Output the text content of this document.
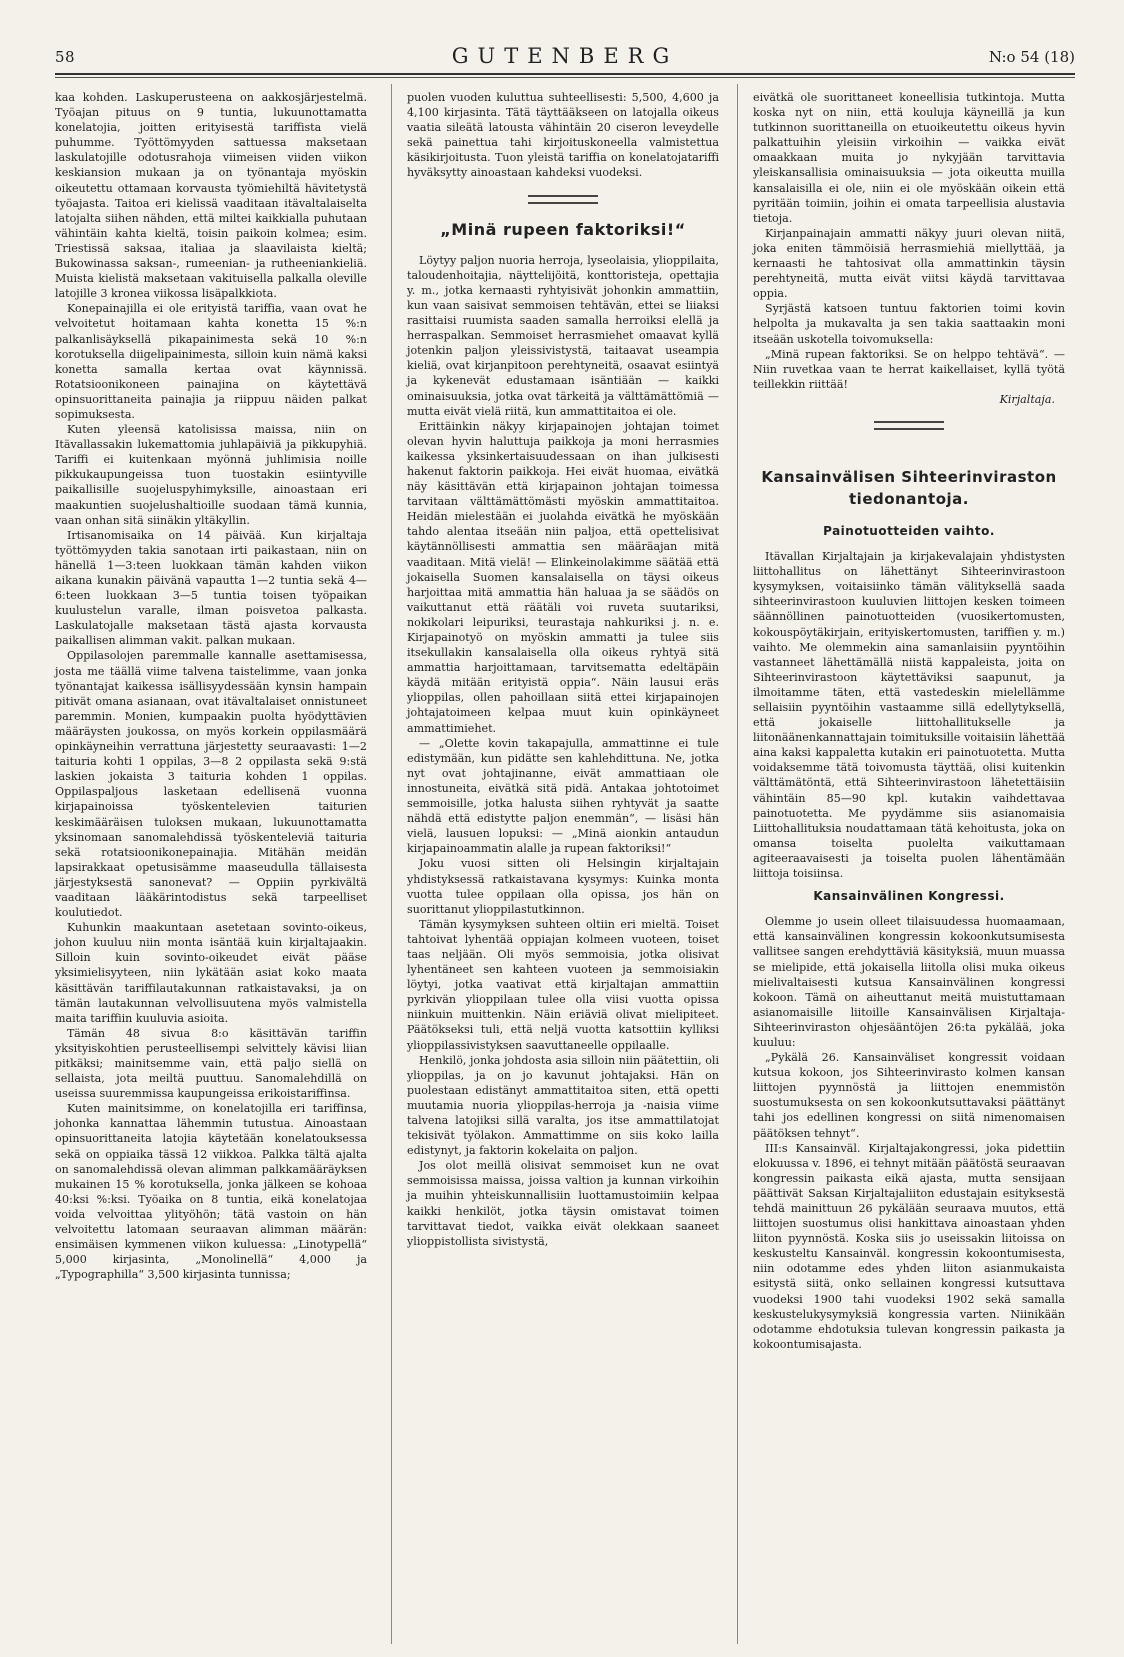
58	GUTENBERG	N:o 54 (18)

kaa kohden. Laskuperusteena on aakkosjärjestelmä. Työajan pituus on 9 tuntia, lukuunottamatta konelatojia, joitten erityisestä tariffista vielä puhumme. Työttömyyden sattuessa maksetaan laskulatojille odotusrahoja viimeisen viiden viikon keskiansion mukaan ja on työnantaja myöskin oikeutettu ottamaan korvausta työmiehiltä hävitetystä työajasta. Taitoa eri kielissä vaaditaan itävaltalaiselta latojalta siihen nähden, että miltei kaikkialla puhutaan vähintäin kahta kieltä, toisin paikoin kolmea; esim. Triestissä saksaa, italiaa ja slaavilaista kieltä; Bukowinassa saksan-, rumeenian- ja rutheeniankieliä. Muista kielistä maksetaan vakituisella palkalla oleville latojille 3 kronea viikossa lisäpalkkiota.

Konepainajilla ei ole erityistä tariffia, vaan ovat he velvoitetut hoitamaan kahta konetta 15 %:n palkanlisäyksellä pikapainimesta sekä 10 %:n korotuksella diigelipainimesta, silloin kuin nämä kaksi konetta samalla kertaa ovat käynnissä. Rotatsioonikoneen painajina on käytettävä opinsuorittaneita painajia ja riippuu näiden palkat sopimuksesta.

Kuten yleensä katolisissa maissa, niin on Itävallassakin lukemattomia juhlapäiviä ja pikkupyhiä. Tariffi ei kuitenkaan myönnä juhlimisia noille pikkukaupungeissa tuon tuostakin esiintyville paikallisille suojeluspyhimyksille, ainoastaan eri maakuntien suojelushaltioille suodaan tämä kunnia, vaan onhan sitä siinäkin yltäkyllin.

Irtisanomisaika on 14 päivää. Kun kirjaltaja työttömyyden takia sanotaan irti paikastaan, niin on hänellä 1—3:teen luokkaan tämän kahden viikon aikana kunakin päivänä vapautta 1—2 tuntia sekä 4—6:teen luokkaan 3—5 tuntia toisen työpaikan kuulustelun varalle, ilman poisvetoa palkasta. Laskulatojalle maksetaan tästä ajasta korvausta paikallisen alimman vakit. palkan mukaan.

Oppilasolojen paremmalle kannalle asettamisessa, josta me täällä viime talvena taistelimme, vaan jonka työnantajat kaikessa isällisyydessään kynsin hampain pitivät omana asianaan, ovat itävaltalaiset onnistuneet paremmin. Monien, kumpaakin puolta hyödyttävien määräysten joukossa, on myös korkein oppilasmäärä opinkäyneihin verrattuna järjestetty seuraavasti: 1—2 taituria kohti 1 oppilas, 3—8 2 oppilasta sekä 9:stä laskien jokaista 3 taituria kohden 1 oppilas. Oppilaspaljous lasketaan edellisenä vuonna kirjapainoissa työskentelevien taiturien keskimääräisen tuloksen mukaan, lukuunottamatta yksinomaan sanomalehdissä työskenteleviä taituria sekä rotatsioonikonepainajia. Mitähän meidän lapsirakkaat opetusisämme maaseudulla tällaisesta järjestyksestä sanonevat? — Oppiin pyrkivältä vaaditaan lääkärintodistus sekä tarpeelliset koulutiedot.

Kuhunkin maakuntaan asetetaan sovinto-oikeus, johon kuuluu niin monta isäntää kuin kirjaltajaakin. Silloin kuin sovinto-oikeudet eivät pääse yksimielisyyteen, niin lykätään asiat koko maata käsittävän tariffilautakunnan ratkaistavaksi, ja on tämän lautakunnan velvollisuutena myös valmistella maita tariffiin kuuluvia asioita.

Tämän 48 sivua 8:o käsittävän tariffin yksityiskohtien perusteellisempi selvittely kävisi liian pitkäksi; mainitsemme vain, että paljo siellä on sellaista, jota meiltä puuttuu. Sanomalehdillä on useissa suuremmissa kaupungeissa erikoistariffinsa.

Kuten mainitsimme, on konelatojilla eri tariffinsa, johonka kannattaa lähemmin tutustua. Ainoastaan opinsuorittaneita latojia käytetään konelatouksessa sekä on oppiaika tässä 12 viikkoa. Palkka tältä ajalta on sanomalehdissä olevan alimman palkkamääräyksen mukainen 15 % korotuksella, jonka jälkeen se kohoaa 40:ksi %:ksi. Työaika on 8 tuntia, eikä konelatojaa voida velvoittaa ylityöhön; tätä vastoin on hän velvoitettu latomaan seuraavan alimman määrän: ensimäisen kymmenen viikon kuluessa: „Linotypellä“ 5,000 kirjasinta, „Monolinellä“ 4,000 ja „Typographilla“ 3,500 kirjasinta tunnissa;

puolen vuoden kuluttua suhteellisesti: 5,500, 4,600 ja 4,100 kirjasinta. Tätä täyttääkseen on latojalla oikeus vaatia sileätä latousta vähintäin 20 ciseron leveydelle sekä painettua tahi kirjoituskoneella valmistettua käsikirjoitusta. Tuon yleistä tariffia on konelatojatariffi hyväksytty ainoastaan kahdeksi vuodeksi.

„Minä rupeen faktoriksi!“

Löytyy paljon nuoria herroja, lyseolaisia, ylioppilaita, taloudenhoitajia, näyttelijöitä, konttoristeja, opettajia y. m., jotka kernaasti ryhtyisivät johonkin ammattiin, kun vaan saisivat semmoisen tehtävän, ettei se liiaksi rasittaisi ruumista saaden samalla herroiksi elellä ja herraspalkan. Semmoiset herrasmiehet omaavat kyllä jotenkin paljon yleissivistystä, taitaavat useampia kieliä, ovat kirjanpitoon perehtyneitä, osaavat esiintyä ja kykenevät edustamaan isäntiään — kaikki ominaisuuksia, jotka ovat tärkeitä ja välttämättömiä — mutta eivät vielä riitä, kun ammattitaitoa ei ole.

Erittäinkin näkyy kirjapainojen johtajan toimet olevan hyvin haluttuja paikkoja ja moni herrasmies kaikessa yksinkertaisuudessaan on ihan julkisesti hakenut faktorin paikkoja. Hei eivät huomaa, eivätkä näy käsittävän että kirjapainon johtajan toimessa tarvitaan välttämättömästi myöskin ammattitaitoa. Heidän mielestään ei juolahda eivätkä he myöskään tahdo alentaa itseään niin paljoa, että opettelisivat käytännöllisesti ammattia sen määräajan mitä vaaditaan. Mitä vielä! — Elinkeinolakimme säätää että jokaisella Suomen kansalaisella on täysi oikeus harjoittaa mitä ammattia hän haluaa ja se säädös on vaikuttanut että räätäli voi ruveta suutariksi, nokikolari leipuriksi, teurastaja nahkuriksi j. n. e. Kirjapainotyö on myöskin ammatti ja tulee siis itsekullakin kansalaisella olla oikeus ryhtyä sitä ammattia harjoittamaan, tarvitsematta edeltäpäin käydä mitään erityistä oppia“. Näin lausui eräs ylioppilas, ollen pahoillaan siitä ettei kirjapainojen johtajatoimeen kelpaa muut kuin opinkäyneet ammattimiehet.

— „Olette kovin takapajulla, ammattinne ei tule edistymään, kun pidätte sen kahlehdittuna. Ne, jotka nyt ovat johtajinanne, eivät ammattiaan ole innostuneita, eivätkä sitä pidä. Antakaa johtotoimet semmoisille, jotka halusta siihen ryhtyvät ja saatte nähdä että edistytte paljon enemmän“, — lisäsi hän vielä, lausuen lopuksi: — „Minä aionkin antaudun kirjapainoammatin alalle ja rupean faktoriksi!“

Joku vuosi sitten oli Helsingin kirjaltajain yhdistyksessä ratkaistavana kysymys: Kuinka monta vuotta tulee oppilaan olla opissa, jos hän on suorittanut ylioppilastutkinnon.

Tämän kysymyksen suhteen oltiin eri mieltä. Toiset tahtoivat lyhentää oppiajan kolmeen vuoteen, toiset taas neljään. Oli myös semmoisia, jotka olisivat lyhentäneet sen kahteen vuoteen ja semmoisiakin löytyi, jotka vaativat että kirjaltajan ammattiin pyrkivän ylioppilaan tulee olla viisi vuotta opissa niinkuin muittenkin. Näin eriäviä olivat mielipiteet. Päätökseksi tuli, että neljä vuotta katsottiin kylliksi ylioppilassivistyksen saavuttaneelle oppilaalle.

Henkilö, jonka johdosta asia silloin niin päätettiin, oli ylioppilas, ja on jo kavunut johtajaksi. Hän on puolestaan edistänyt ammattitaitoa siten, että opetti muutamia nuoria ylioppilas-herroja ja -naisia viime talvena latojiksi sillä varalta, jos itse ammattilatojat tekisivät työlakon. Ammattimme on siis koko lailla edistynyt, ja faktorin kokelaita on paljon.

Jos olot meillä olisivat semmoiset kun ne ovat semmoisissa maissa, joissa valtion ja kunnan virkoihin ja muihin yhteiskunnallisiin luottamustoimiin kelpaa kaikki henkilöt, jotka täysin omistavat toimen tarvittavat tiedot, vaikka eivät olekkaan saaneet ylioppistollista sivistystä,

eivätkä ole suorittaneet koneellisia tutkintoja. Mutta koska nyt on niin, että kouluja käyneillä ja kun tutkinnon suorittaneilla on etuoikeutettu oikeus hyvin palkattuihin yleisiin virkoihin — vaikka eivät omaakkaan muita jo nykyjään tarvittavia yleiskansallisia ominaisuuksia — jota oikeutta muilla kansalaisilla ei ole, niin ei ole myöskään oikein että pyritään toimiin, joihin ei omata tarpeellisia alustavia tietoja.

Kirjanpainajain ammatti näkyy juuri olevan niitä, joka eniten tämmöisiä herrasmiehiä miellyttää, ja kernaasti he tahtosivat olla ammattinkin täysin perehtyneitä, mutta eivät viitsi käydä tarvittavaa oppia.

Syrjästä katsoen tuntuu faktorien toimi kovin helpolta ja mukavalta ja sen takia saattaakin moni itseään uskotella toivomuksella:

„Minä rupean faktoriksi. Se on helppo tehtävä“. — Niin ruvetkaa vaan te herrat kaikellaiset, kyllä työtä teillekkin riittää!

Kirjaltaja.

Kansainvälisen Sihteerinviraston tiedonantoja.
Painotuotteiden vaihto.

Itävallan Kirjaltajain ja kirjakevalajain yhdistysten liittohallitus on lähettänyt Sihteerinvirastoon kysymyksen, voitaisiinko tämän välityksellä saada sihteerinvirastoon kuuluvien liittojen kesken toimeen säännöllinen painotuotteiden (vuosikertomusten, kokouspöytäkirjain, erityiskertomusten, tariffien y. m.) vaihto. Me olemmekin aina samanlaisiin pyyntöihin vastanneet lähettämällä niistä kappaleista, joita on Sihteerinvirastoon käytettäviksi saapunut, ja ilmoitamme täten, että vastedeskin mielellämme sellaisiin pyyntöihin vastaamme sillä edellytyksellä, että jokaiselle liittohallitukselle ja liitonäänenkannattajain toimituksille voitaisiin lähettää aina kaksi kappaletta kutakin eri painotuotetta. Mutta voidaksemme tätä toivomusta täyttää, olisi kuitenkin välttämätöntä, että Sihteerinvirastoon lähetettäisiin vähintäin 85—90 kpl. kutakin vaihdettavaa painotuotetta. Me pyydämme siis asianomaisia Liittohallituksia noudattamaan tätä kehoitusta, joka on omansa toiselta puolelta vaikuttamaan agiteeraavaisesti ja toiselta puolen lähentämään liittoja toisiinsa.

Kansainvälinen Kongressi.

Olemme jo usein olleet tilaisuudessa huomaamaan, että kansainvälinen kongressin kokoonkutsumisesta vallitsee sangen erehdyttäviä käsityksiä, muun muassa se mielipide, että jokaisella liitolla olisi muka oikeus mielivaltaisesti kutsua Kansainvälinen kongressi kokoon. Tämä on aiheuttanut meitä muistuttamaan asianomaisille liitoille Kansainvälisen Kirjaltaja-Sihteerinviraston ohjesääntöjen 26:ta pykälää, joka kuuluu:

„Pykälä 26. Kansainväliset kongressit voidaan kutsua kokoon, jos Sihteerinvirasto kolmen kansan liittojen pyynnöstä ja liittojen enemmistön suostumuksesta on sen kokoonkutsuttavaksi päättänyt tahi jos edellinen kongressi on siitä nimenomaisen päätöksen tehnyt“.

III:s Kansainväl. Kirjaltajakongressi, joka pidettiin elokuussa v. 1896, ei tehnyt mitään päätöstä seuraavan kongressin paikasta eikä ajasta, mutta sensijaan päättivät Saksan Kirjaltajaliiton edustajain esityksestä tehdä mainittuun 26 pykälään seuraava muutos, että liittojen suostumus olisi hankittava ainoastaan yhden liiton pyynnöstä. Koska siis jo useissakin liitoissa on keskusteltu Kansainväl. kongressin kokoontumisesta, niin odotamme edes yhden liiton asianmukaista esitystä siitä, onko sellainen kongressi kutsuttava vuodeksi 1900 tahi vuodeksi 1902 sekä samalla keskustelukysymyksiä kongressia varten. Niinikään odotamme ehdotuksia tulevan kongressin paikasta ja kokoontumisajasta.
